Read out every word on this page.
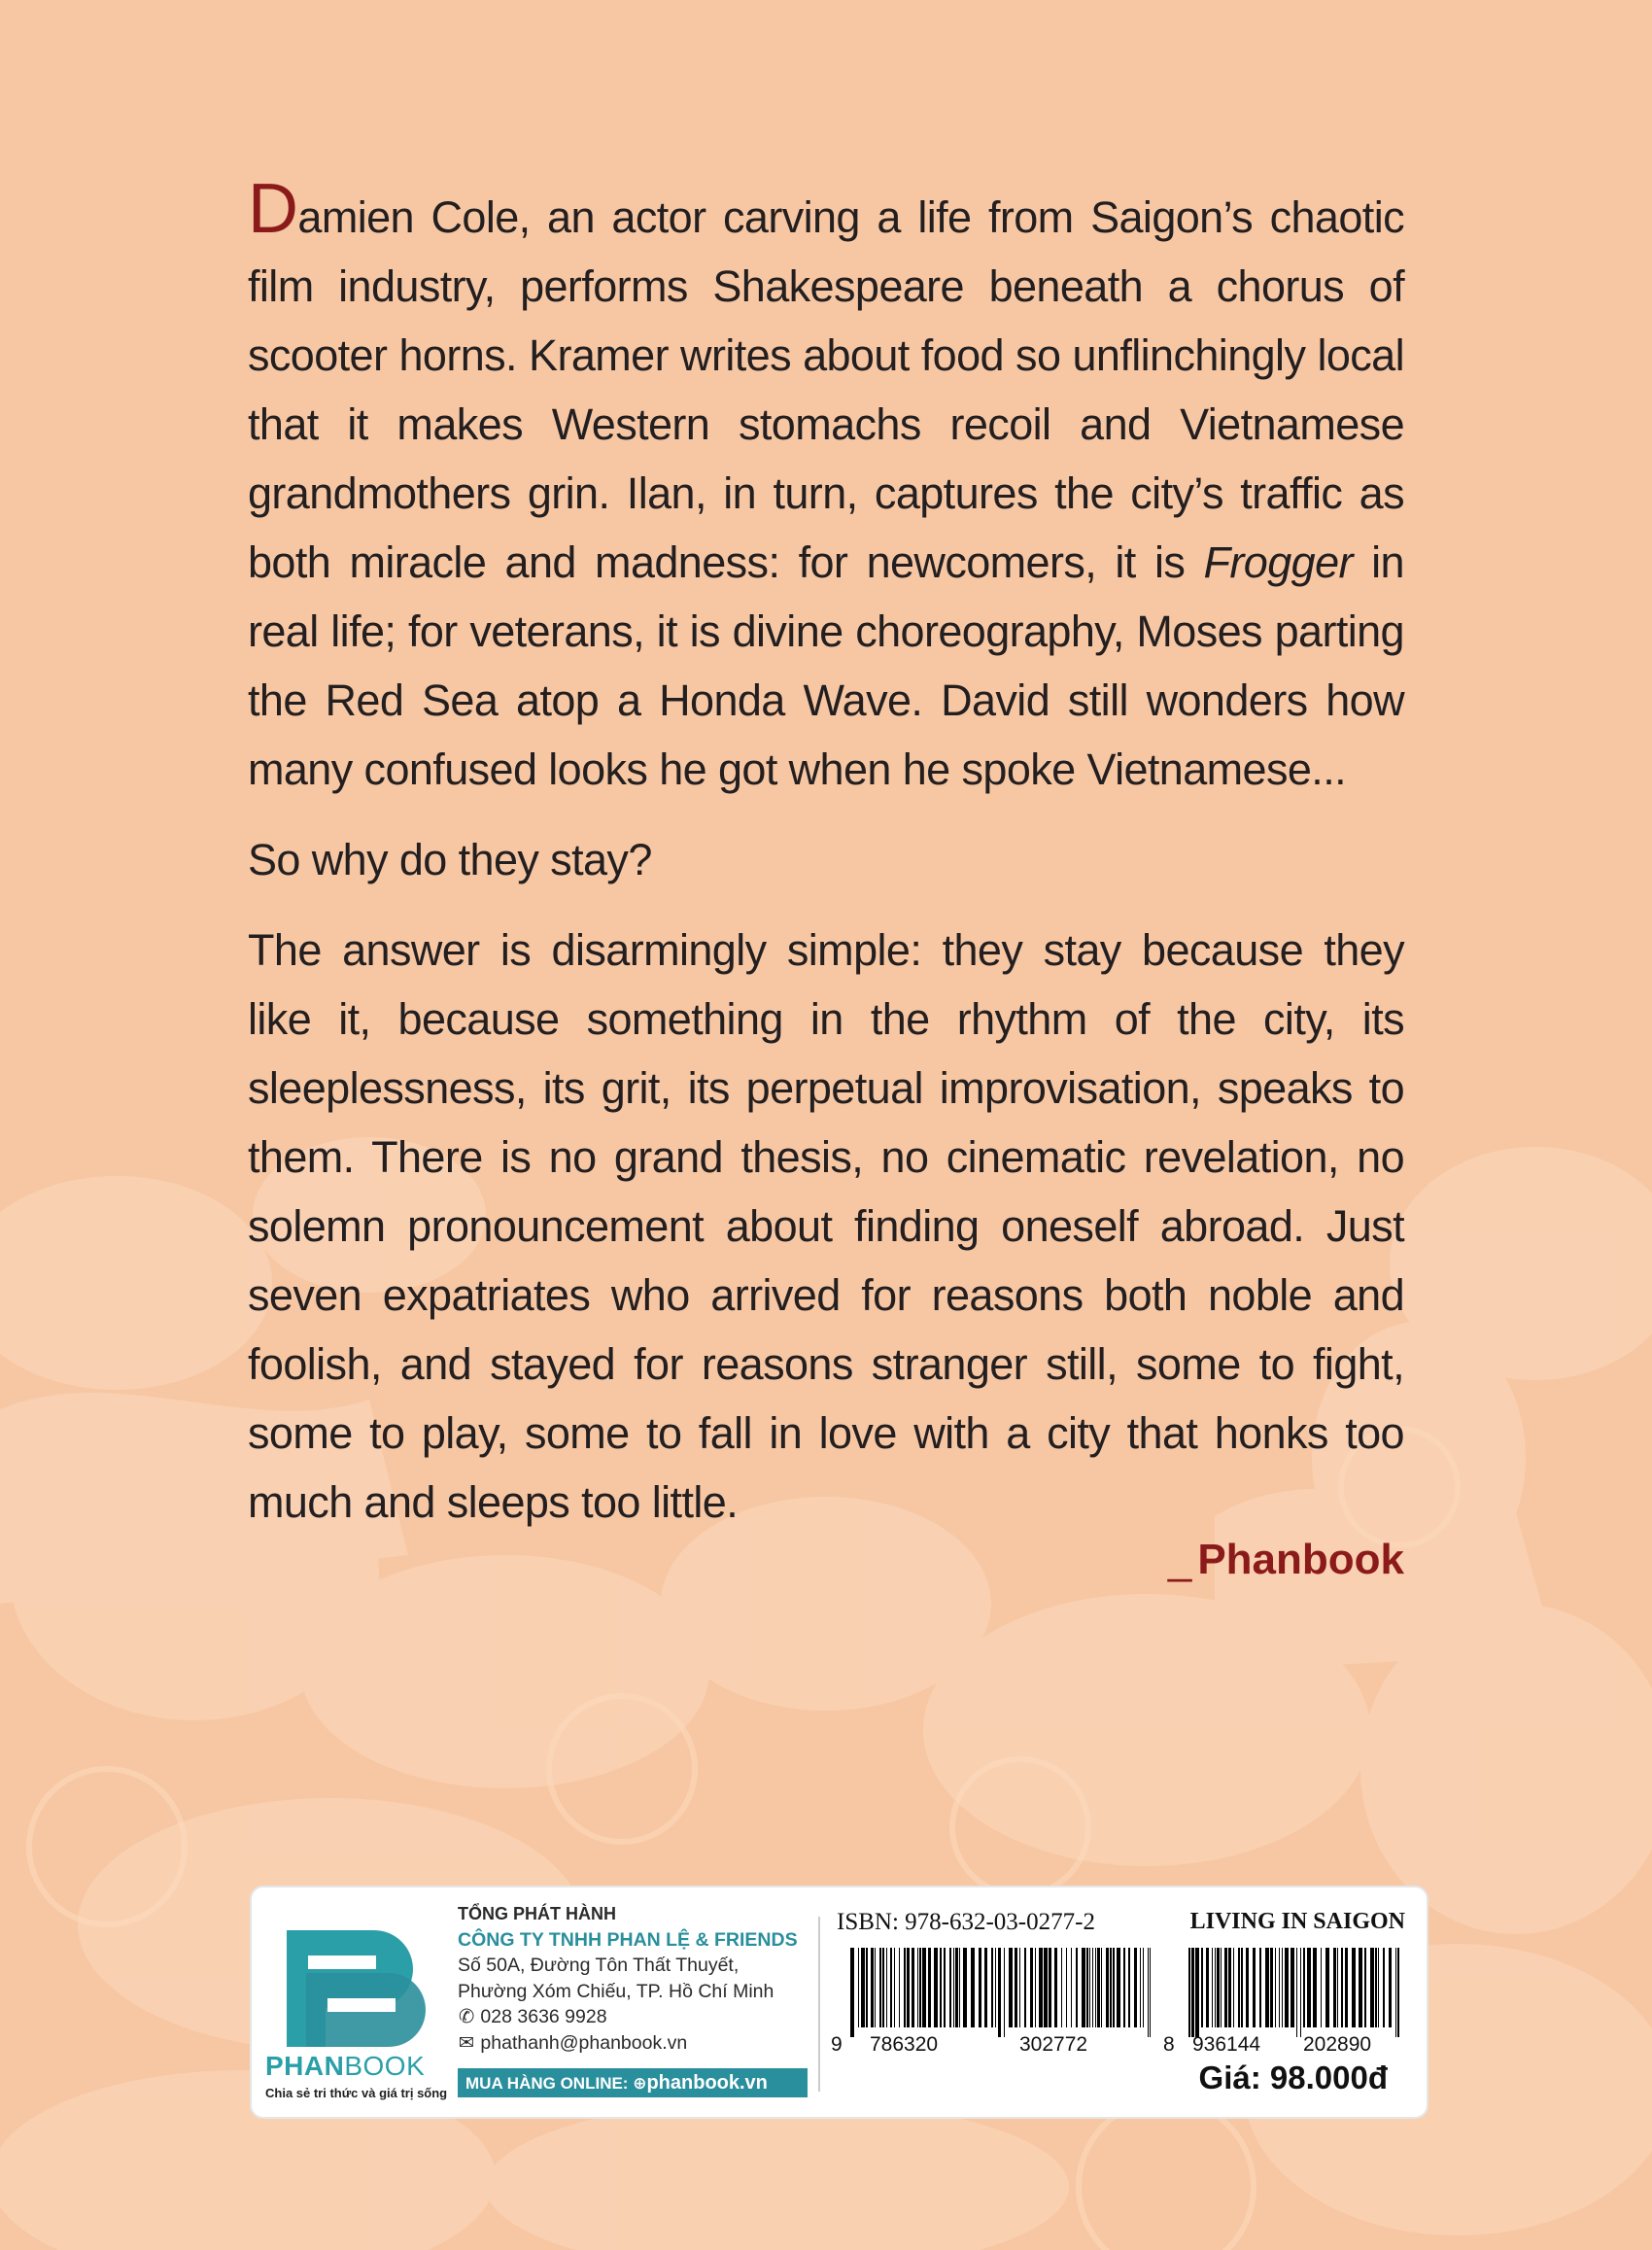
Damien Cole, an actor carving a life from Saigon’s chaotic film industry, performs Shakespeare beneath a chorus of scooter horns. Kramer writes about food so unflinchingly local that it makes Western stomachs recoil and Vietnamese grandmothers grin. Ilan, in turn, captures the city’s traffic as both miracle and madness: for newcomers, it is Frogger in real life; for veterans, it is divine choreography, Moses parting the Red Sea atop a Honda Wave. David still wonders how many confused looks he got when he spoke Vietnamese...

So why do they stay?

The answer is disarmingly simple: they stay because they like it, because something in the rhythm of the city, its sleeplessness, its grit, its perpetual improvisation, speaks to them. There is no grand thesis, no cinematic revelation, no solemn pronouncement about finding oneself abroad. Just seven expatriates who arrived for reasons both noble and foolish, and stayed for reasons stranger still, some to fight, some to play, some to fall in love with a city that honks too much and sleeps too little.

_ Phanbook
PHANBOOK
Chia sẻ tri thức và giá trị sống
TỔNG PHÁT HÀNH
CÔNG TY TNHH PHAN LỆ & FRIENDS
Số 50A, Đường Tôn Thất Thuyết,
Phường Xóm Chiếu, TP. Hồ Chí Minh
✆ 028 3636 9928
✉ phathanh@phanbook.vn
MUA HÀNG ONLINE: ⊕phanbook.vn
ISBN: 978-632-03-0277-2	LIVING IN SAIGON
9 786320	302772	8 936144 202890
Giá: 98.000đ
